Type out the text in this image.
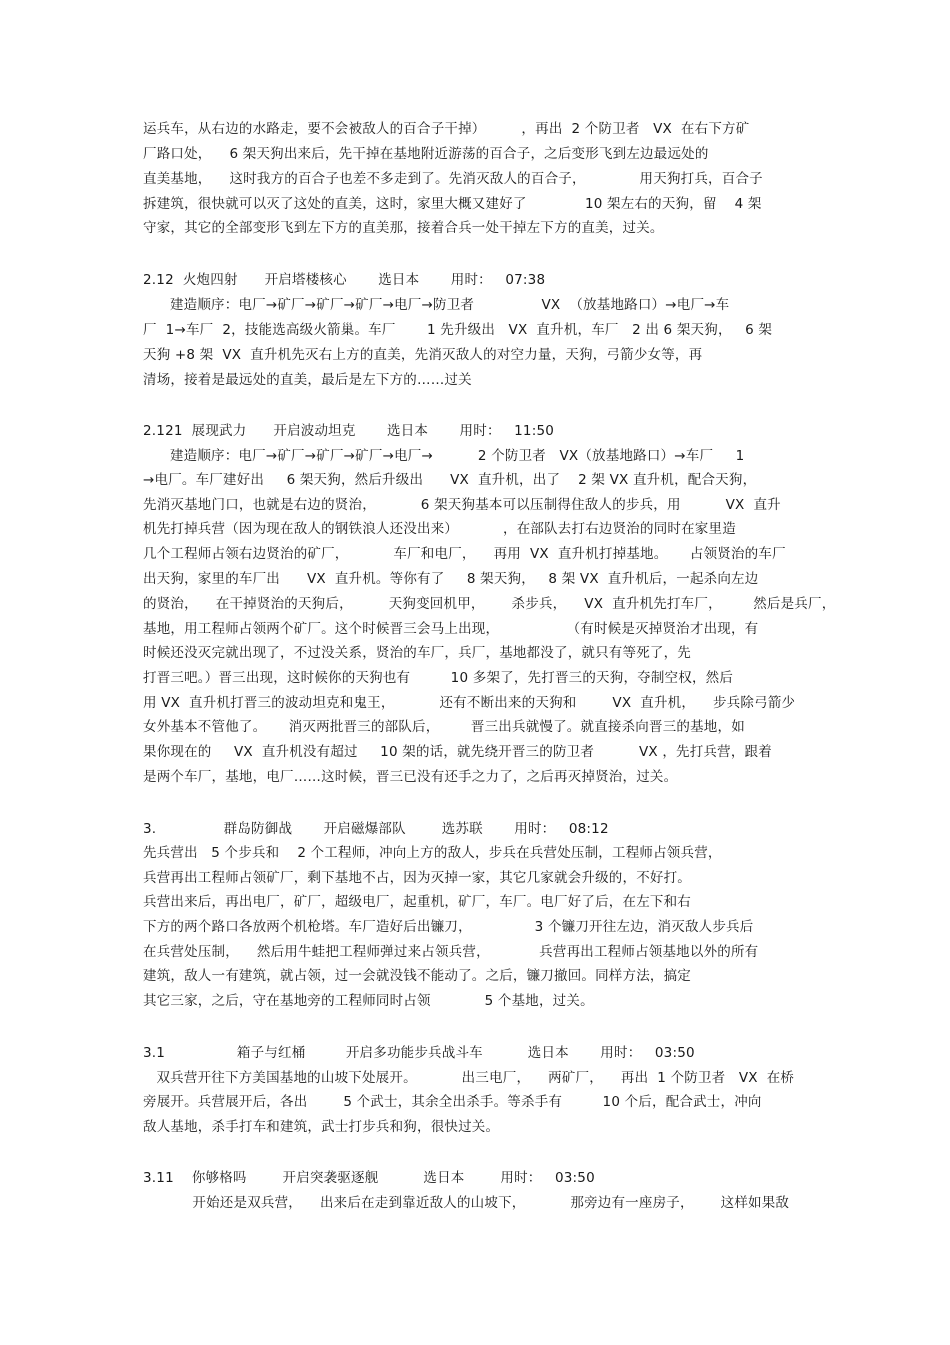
运兵车，从右边的水路走，要不会被敌人的百合子干掉）        ，再出  2 个防卫者   VX  在右下方矿
厂路口处，    6 架天狗出来后，先干掉在基地附近游荡的百合子，之后变形飞到左边最远处的
直美基地，    这时我方的百合子也差不多走到了。先消灭敌人的百合子，            用天狗打兵，百合子
拆建筑，很快就可以灭了这处的直美，这时，家里大概又建好了             10 架左右的天狗，留    4 架
守家，其它的全部变形飞到左下方的直美那，接着合兵一处干掉左下方的直美，过关。
2.12  火炮四射      开启塔楼核心       选日本       用时：   07:38
建造顺序：电厂→矿厂→矿厂→矿厂→电厂→防卫者               VX  （放基地路口）→电厂→车
厂  1→车厂  2，技能选高级火箭巢。车厂       1 先升级出   VX  直升机，车厂   2 出 6 架天狗，   6 架
天狗 +8 架  VX  直升机先灭右上方的直美，先消灭敌人的对空力量，天狗，弓箭少女等，再
清场，接着是最远处的直美，最后是左下方的……过关
2.121  展现武力      开启波动坦克       选日本       用时：   11:50
建造顺序：电厂→矿厂→矿厂→矿厂→电厂→          2 个防卫者   VX（放基地路口）→车厂     1
→电厂。车厂建好出     6 架天狗，然后升级出      VX  直升机，出了    2 架 VX 直升机，配合天狗，
先消灭基地门口，也就是右边的贤治，          6 架天狗基本可以压制得住敌人的步兵，用          VX  直升
机先打掉兵营（因为现在敌人的钢铁浪人还没出来）          ，在部队去打右边贤治的同时在家里造
几个工程师占领右边贤治的矿厂，          车厂和电厂，    再用  VX  直升机打掉基地。     占领贤治的车厂
出天狗，家里的车厂出      VX  直升机。等你有了     8 架天狗，   8 架 VX  直升机后，一起杀向左边
的贤治，    在干掉贤治的天狗后，        天狗变回机甲，      杀步兵，    VX  直升机先打车厂，       然后是兵厂，
基地，用工程师占领两个矿厂。这个时候晋三会马上出现，               （有时候是灭掉贤治才出现，有
时候还没灭完就出现了，不过没关系，贤治的车厂，兵厂，基地都没了，就只有等死了，先
打晋三吧。）晋三出现，这时候你的天狗也有         10 多架了，先打晋三的天狗，夺制空权，然后
用 VX  直升机打晋三的波动坦克和鬼王，          还有不断出来的天狗和        VX  直升机，    步兵除弓箭少
女外基本不管他了。     消灭两批晋三的部队后，       晋三出兵就慢了。就直接杀向晋三的基地，如
果你现在的     VX  直升机没有超过     10 架的话，就先绕开晋三的防卫者          VX ，先打兵营，跟着
是两个车厂，基地，电厂……这时候，晋三已没有还手之力了，之后再灭掉贤治，过关。
3.               群岛防御战       开启磁爆部队        选苏联       用时：   08:12
先兵营出   5 个步兵和    2 个工程师，冲向上方的敌人，步兵在兵营处压制，工程师占领兵营，
兵营再出工程师占领矿厂，剩下基地不占，因为灭掉一家，其它几家就会升级的，不好打。
兵营出来后，再出电厂，矿厂，超级电厂，起重机，矿厂，车厂。电厂好了后，在左下和右
下方的两个路口各放两个机枪塔。车厂造好后出镰刀，              3 个镰刀开往左边，消灭敌人步兵后
在兵营处压制，    然后用牛蛙把工程师弹过来占领兵营，           兵营再出工程师占领基地以外的所有
建筑，敌人一有建筑，就占领，过一会就没钱不能动了。之后，镰刀撤回。同样方法，搞定
其它三家，之后，守在基地旁的工程师同时占领            5 个基地，过关。
3.1                箱子与红桶         开启多功能步兵战斗车          选日本       用时：   03:50
双兵营开往下方美国基地的山坡下处展开。          出三电厂，    两矿厂，    再出  1 个防卫者   VX  在桥
旁展开。兵营展开后，各出        5 个武士，其余全出杀手。等杀手有         10 个后，配合武士，冲向
敌人基地，杀手打车和建筑，武士打步兵和狗，很快过关。
3.11    你够格吗        开启突袭驱逐舰          选日本        用时：   03:50
开始还是双兵营，    出来后在走到靠近敌人的山坡下，          那旁边有一座房子，      这样如果敌
